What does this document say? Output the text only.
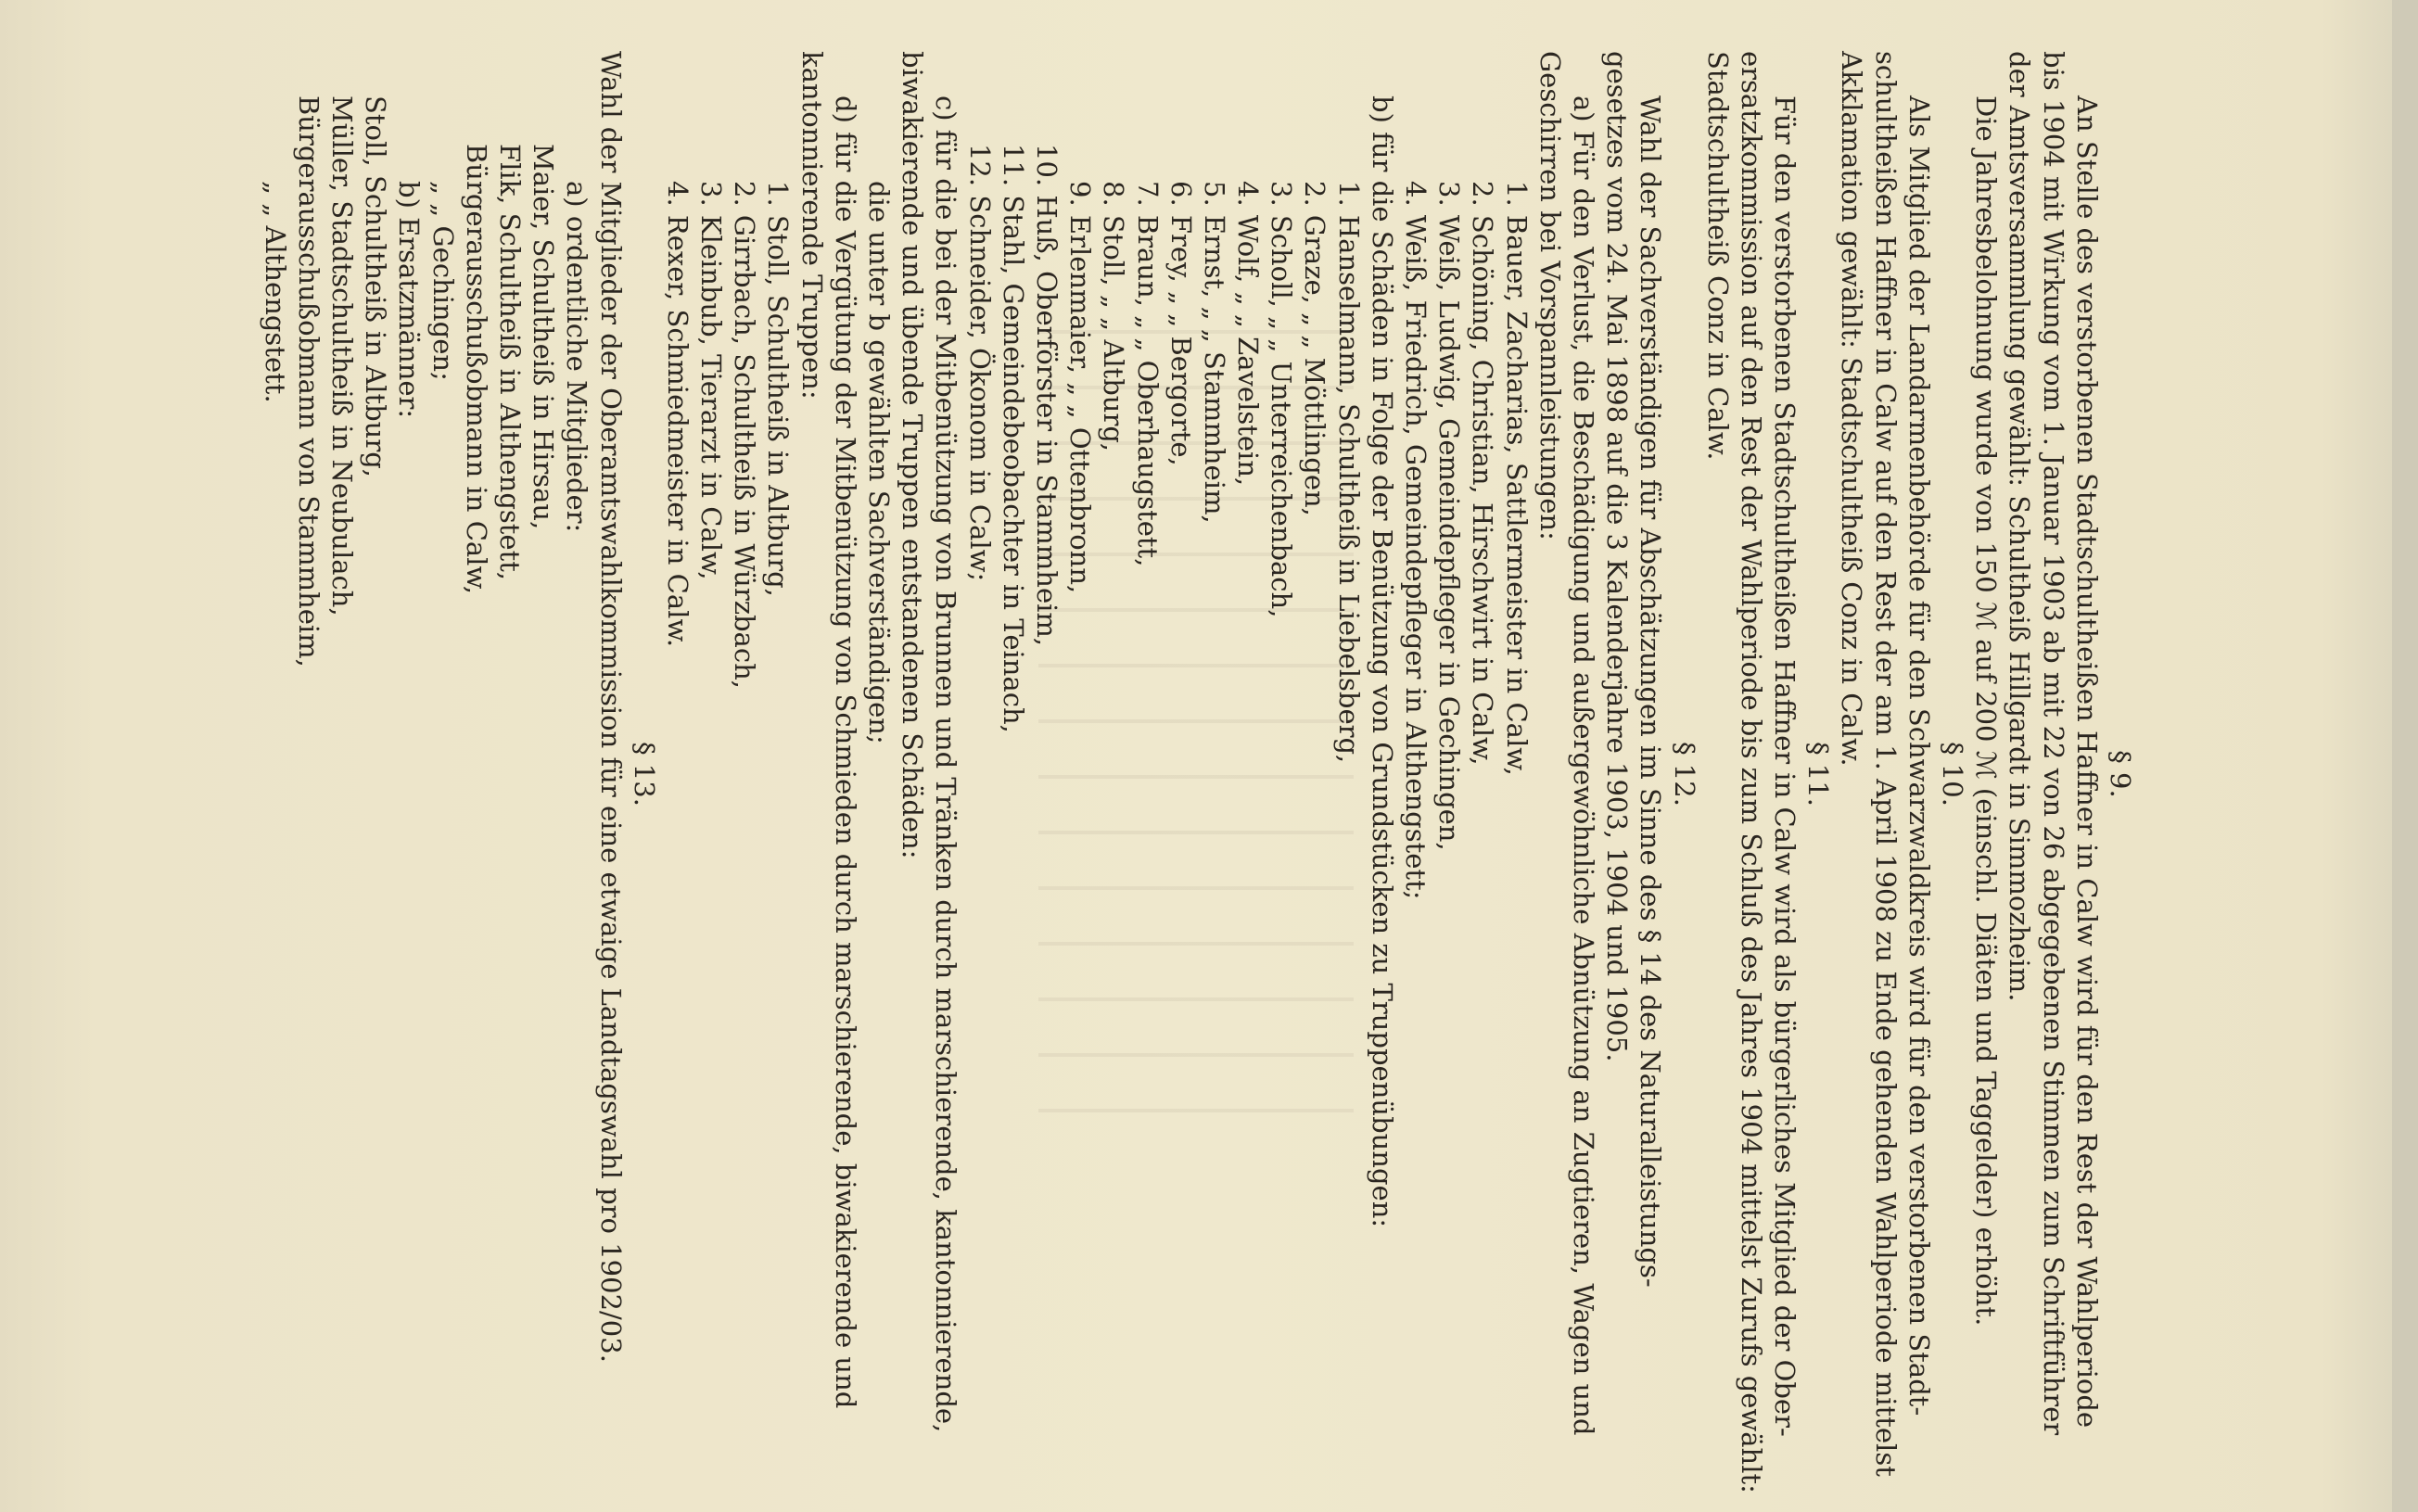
§ 9.
An Stelle des verstorbenen Stadtschultheißen Haffner in Calw wird für den Rest der Wahlperiode
bis 1904 mit Wirkung vom 1. Januar 1903 ab mit 22 von 26 abgegebenen Stimmen zum Schriftführer
der Amtsversammlung gewählt: Schultheiß Hillgardt in Simmozheim.
Die Jahresbelohnung wurde von 150 ℳ auf 200 ℳ (einschl. Diäten und Taggelder) erhöht.
§ 10.
Als Mitglied der Landarmenbehörde für den Schwarzwaldkreis wird für den verstorbenen Stadt-
schultheißen Haffner in Calw auf den Rest der am 1. April 1908 zu Ende gehenden Wahlperiode mittelst
Akklamation gewählt: Stadtschultheiß Conz in Calw.
§ 11.
Für den verstorbenen Stadtschultheißen Haffner in Calw wird als bürgerliches Mitglied der Ober-
ersatzkommission auf den Rest der Wahlperiode bis zum Schluß des Jahres 1904 mittelst Zurufs gewählt:
Stadtschultheiß Conz in Calw.
§ 12.
Wahl der Sachverständigen für Abschätzungen im Sinne des § 14 des Naturalleistungs-
gesetzes vom 24. Mai 1898 auf die 3 Kalenderjahre 1903, 1904 und 1905.
a) Für den Verlust, die Beschädigung und außergewöhnliche Abnützung an Zugtieren, Wagen und
Geschirren bei Vorspannleistungen:
1. Bauer, Zacharias, Sattlermeister in Calw,
2. Schöning, Christian, Hirschwirt in Calw,
3. Weiß, Ludwig, Gemeindepfleger in Gechingen,
4. Weiß, Friedrich, Gemeindepfleger in Althengstett;
b) für die Schäden in Folge der Benützung von Grundstücken zu Truppenübungen:
1. Hanselmann, Schultheiß in Liebelsberg,
2. Graze, „ „ Möttlingen,
3. Scholl, „ „ Unterreichenbach,
4. Wolf, „ „ Zavelstein,
5. Ernst, „ „ Stammheim,
6. Frey, „ „ Bergorte,
7. Braun, „ „ Oberhaugstett,
8. Stoll, „ „ Altburg,
9. Erlenmaier, „ „ Ottenbronn,
10. Huß, Oberförster in Stammheim,
11. Stahl, Gemeindebeobachter in Teinach,
12. Schneider, Ökonom in Calw;
c) für die bei der Mitbenützung von Brunnen und Tränken durch marschierende, kantonnierende,
biwakierende und übende Truppen entstandenen Schäden:
die unter b gewählten Sachverständigen;
d) für die Vergütung der Mitbenützung von Schmieden durch marschierende, biwakierende und
kantonnierende Truppen:
1. Stoll, Schultheiß in Altburg,
2. Girrbach, Schultheiß in Würzbach,
3. Kleinbub, Tierarzt in Calw,
4. Rexer, Schmiedmeister in Calw.
§ 13.
Wahl der Mitglieder der Oberamtswahlkommission für eine etwaige Landtagswahl pro 1902/03.
a) ordentliche Mitglieder:
Maier, Schultheiß in Hirsau,
Flik, Schultheiß in Althengstett,
Bürgerausschußobmann in Calw,
„ „ Gechingen;
b) Ersatzmänner:
Stoll, Schultheiß in Altburg,
Müller, Stadtschultheiß in Neubulach,
Bürgerausschußobmann von Stammheim,
„ „ Althengstett.
